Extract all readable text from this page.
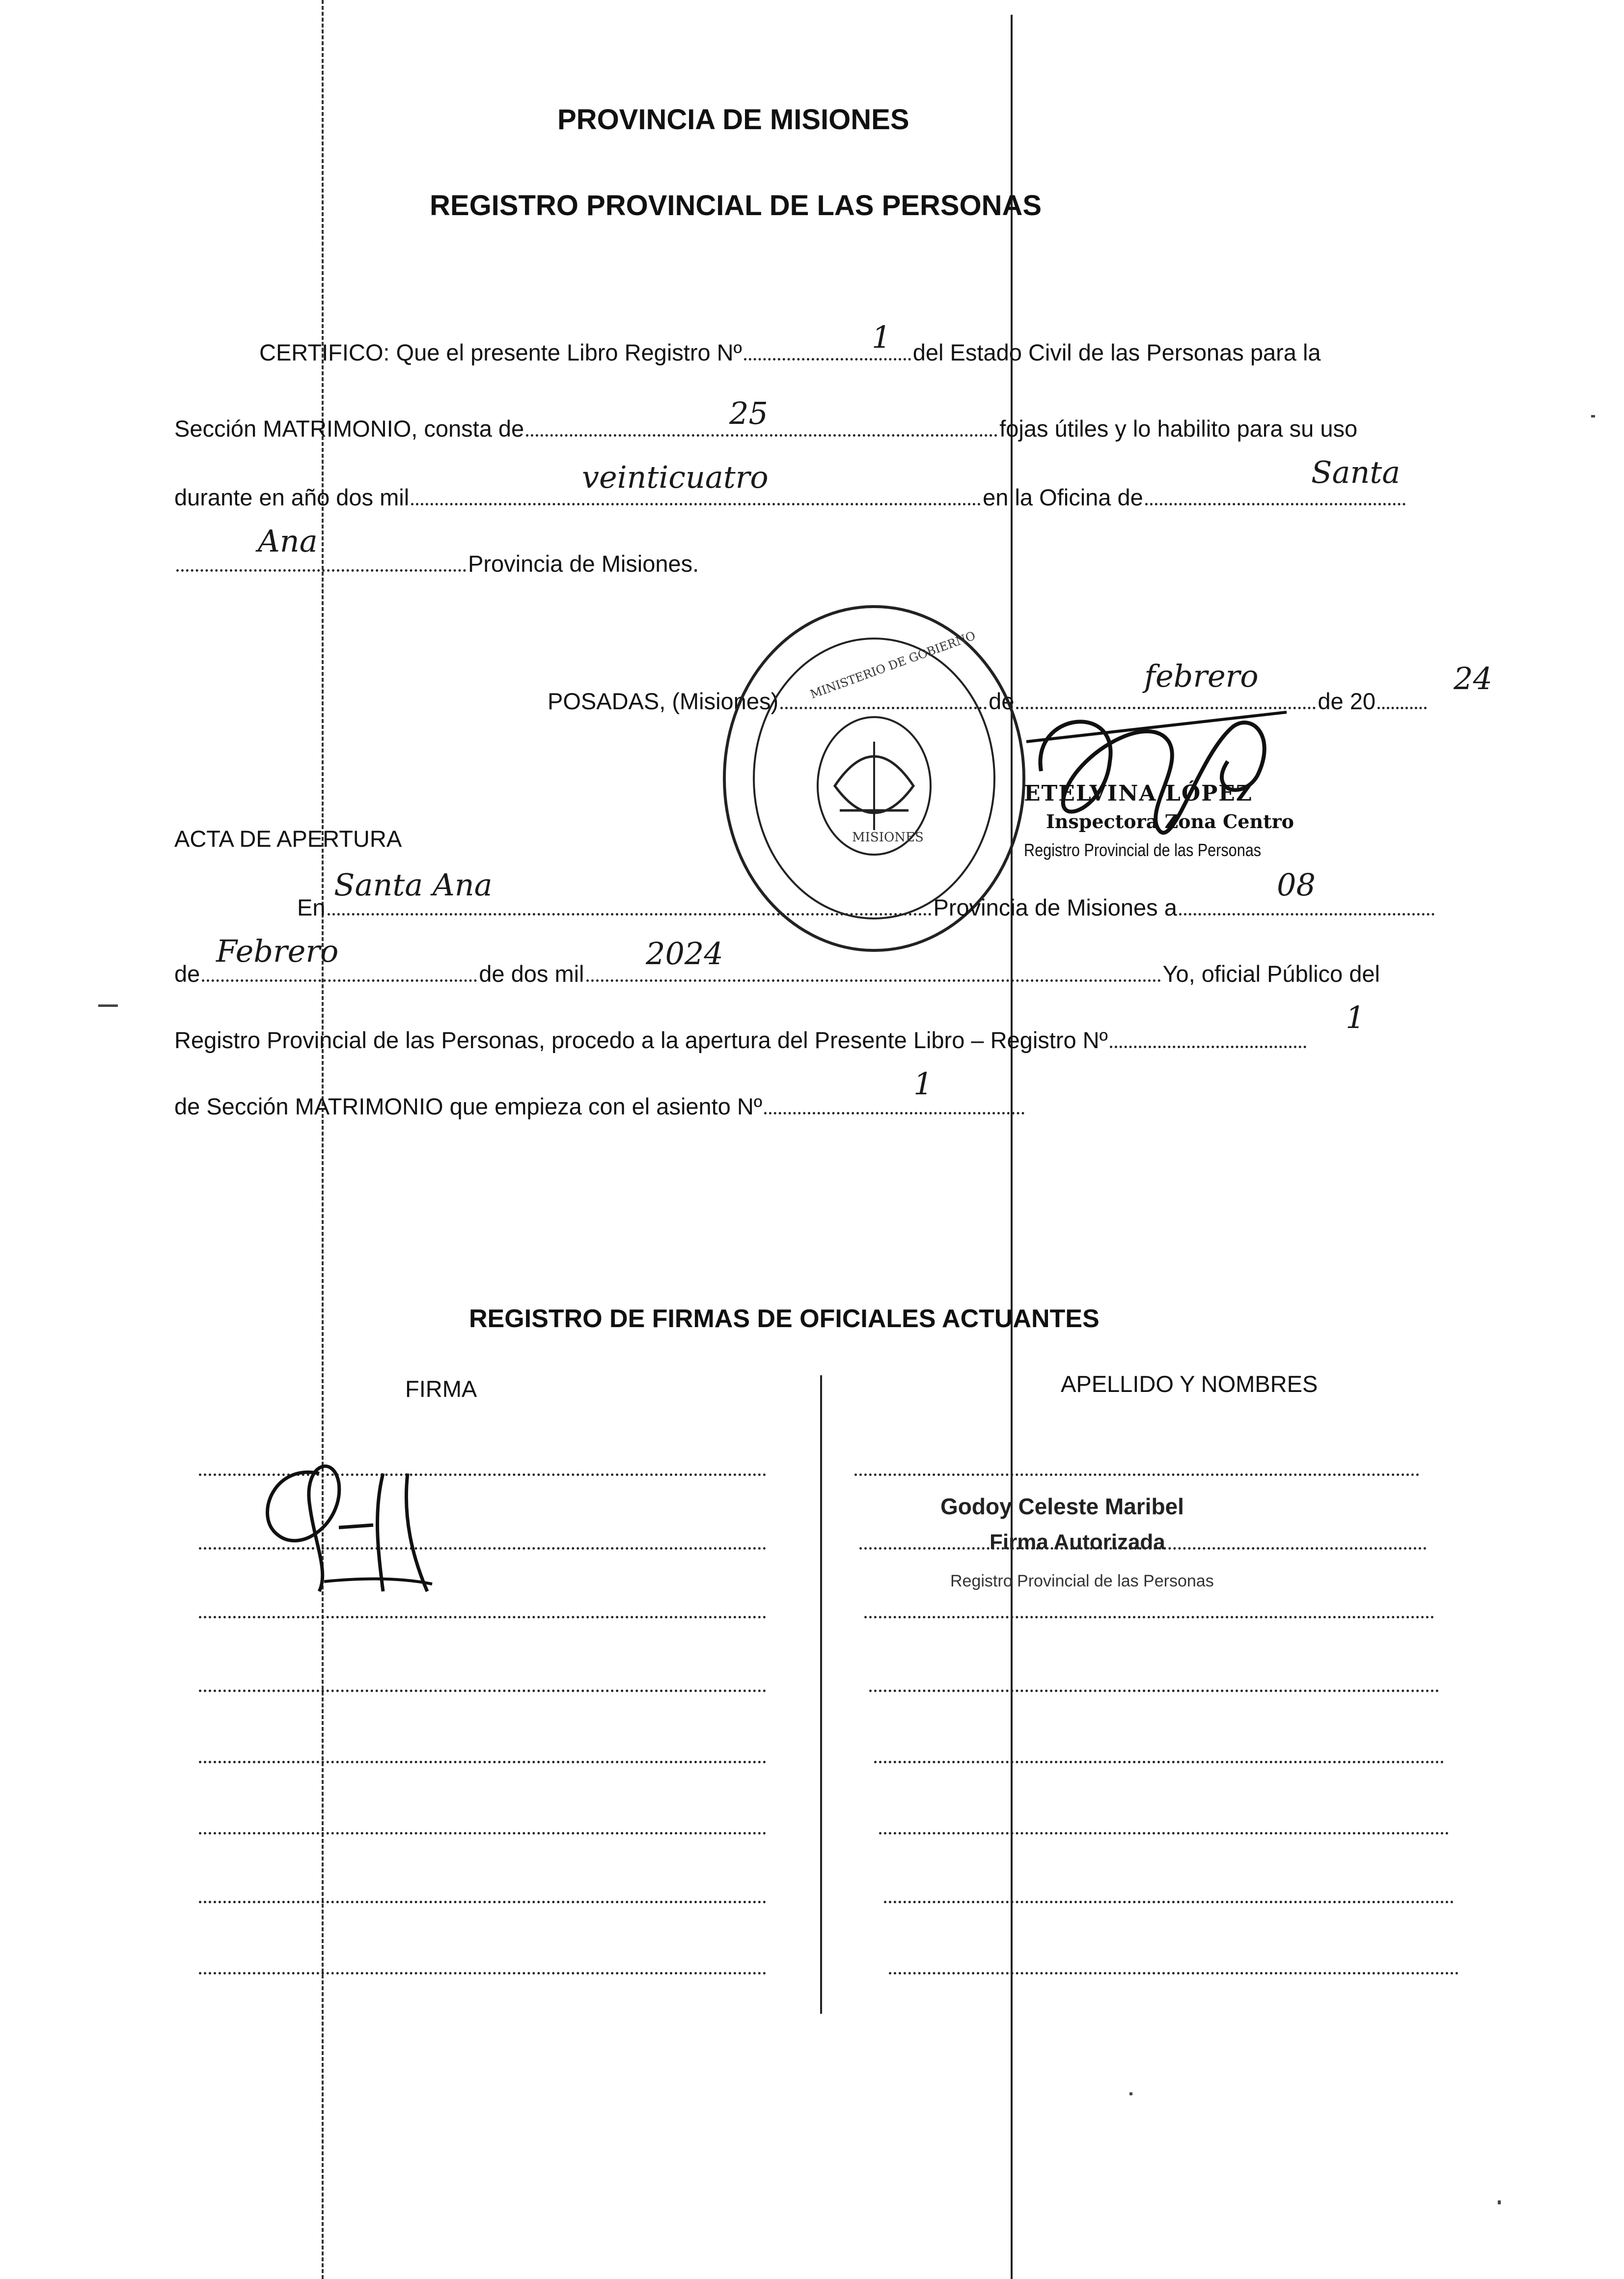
PROVINCIA DE MISIONES
REGISTRO PROVINCIAL DE LAS PERSONAS
CERTIFICO: Que el presente Libro Registro Nº	del Estado Civil de las Personas para la
1
Sección MATRIMONIO, consta de	fojas útiles y lo habilito para su uso
25
durante en año dos mil	en la Oficina de
veinticuatro	Santa
Provincia de Misiones.
Ana
POSADAS, (Misiones)	de	de 20
febrero	24
MINISTERIO DE GOBIERNO
MISIONES
ETELVINA LÓPEZ
Inspectora Zona Centro
Registro Provincial de las Personas
ACTA DE APERTURA
En	Provincia de Misiones a
Santa Ana	08
de	de dos mil	Yo, oficial Público del
Febrero	2024
Registro Provincial de las Personas, procedo a la apertura del Presente Libro – Registro Nº
1
de Sección MATRIMONIO que empieza con el asiento Nº
1
REGISTRO DE FIRMAS DE OFICIALES ACTUANTES
FIRMA	APELLIDO Y NOMBRES
Godoy Celeste Maribel
Firma Autorizada
Registro Provincial de las Personas
